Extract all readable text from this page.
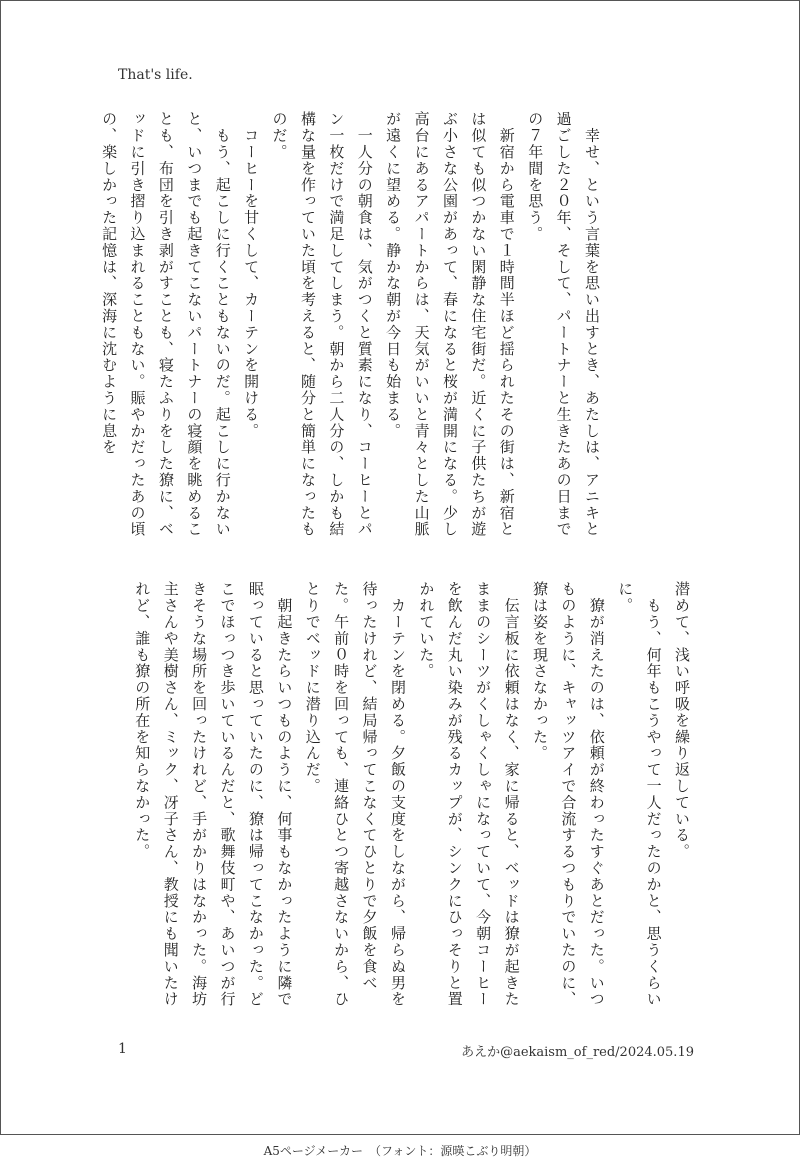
That's life.

　幸せ、という言葉を思い出すとき、あたしは、アニキと過ごした２０年、そして、パートナーと生きたあの日までの７年間を思う。

　新宿から電車で１時間半ほど揺られたその街は、新宿とは似ても似つかない閑静な住宅街だ。近くに子供たちが遊ぶ小さな公園があって、春になると桜が満開になる。少し高台にあるアパートからは、天気がいいと青々とした山脈が遠くに望める。静かな朝が今日も始まる。

　一人分の朝食は、気がつくと質素になり、コーヒーとパン一枚だけで満足してしまう。朝から二人分の、しかも結構な量を作っていた頃を考えると、随分と簡単になったものだ。

　コーヒーを甘くして、カーテンを開ける。

　もう、起こしに行くこともないのだ。起こしに行かないと、いつまでも起きてこないパートナーの寝顔を眺めることも、布団を引き剥がすことも、寝たふりをした獠に、ベッドに引き摺り込まれることもない。賑やかだったあの頃の、楽しかった記憶は、深海に沈むように息を

潜めて、浅い呼吸を繰り返している。

　もう、何年もこうやって一人だったのかと、思うくらいに。

　獠が消えたのは、依頼が終わったすぐあとだった。いつものように、キャッツアイで合流するつもりでいたのに、獠は姿を現さなかった。

　伝言板に依頼はなく、家に帰ると、ベッドは獠が起きたままのシーツがくしゃくしゃになっていて、今朝コーヒーを飲んだ丸い染みが残るカップが、シンクにひっそりと置かれていた。

　カーテンを閉める。夕飯の支度をしながら、帰らぬ男を待ったけれど、結局帰ってこなくてひとりで夕飯を食べた。午前０時を回っても、連絡ひとつ寄越さないから、ひとりでベッドに潜り込んだ。

　朝起きたらいつものように、何事もなかったように隣で眠っていると思っていたのに、獠は帰ってこなかった。どこでほっつき歩いているんだと、歌舞伎町や、あいつが行きそうな場所を回ったけれど、手がかりはなかった。海坊主さんや美樹さん、ミック、冴子さん、教授にも聞いたけれど、誰も獠の所在を知らなかった。

1	あえか@aekaism_of_red/2024.05.19
A5ページメーカー　（フォント：源暎こぶり明朝）
